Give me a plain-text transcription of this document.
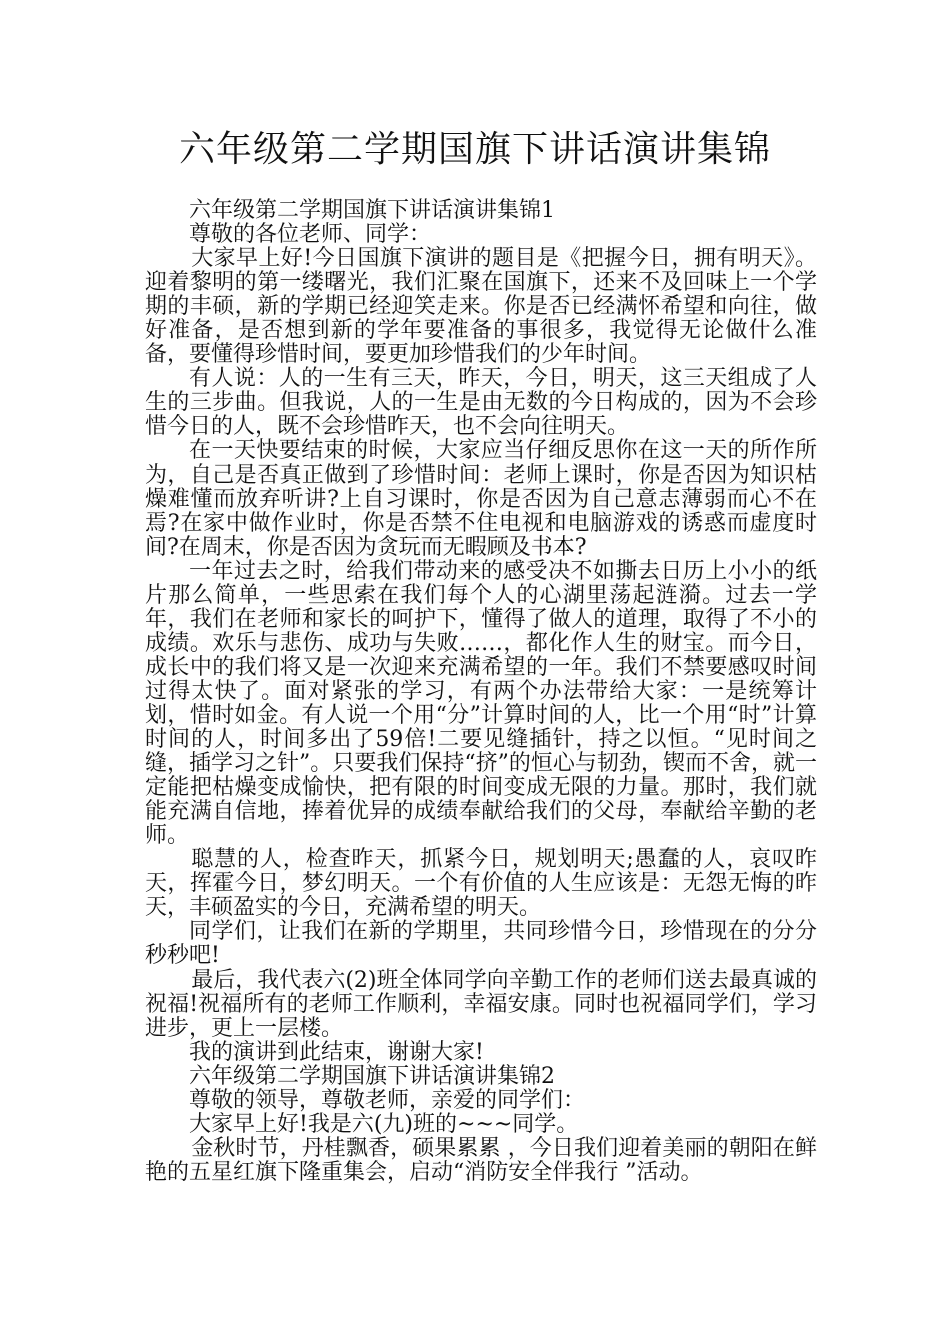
六年级第二学期国旗下讲话演讲集锦

六年级第二学期国旗下讲话演讲集锦1

尊敬的各位老师、同学：

大家早上好!今日国旗下演讲的题目是《把握今日，拥有明天》。迎着黎明的第一缕曙光，我们汇聚在国旗下，还来不及回味上一个学期的丰硕，新的学期已经迎笑走来。你是否已经满怀希望和向往，做好准备，是否想到新的学年要准备的事很多，我觉得无论做什么准备，要懂得珍惜时间，要更加珍惜我们的少年时间。

有人说：人的一生有三天，昨天，今日，明天，这三天组成了人生的三步曲。但我说，人的一生是由无数的今日构成的，因为不会珍惜今日的人，既不会珍惜昨天，也不会向往明天。

在一天快要结束的时候，大家应当仔细反思你在这一天的所作所为，自己是否真正做到了珍惜时间：老师上课时，你是否因为知识枯燥难懂而放弃听讲?上自习课时，你是否因为自己意志薄弱而心不在焉?在家中做作业时，你是否禁不住电视和电脑游戏的诱惑而虚度时间?在周末，你是否因为贪玩而无暇顾及书本?

一年过去之时，给我们带动来的感受决不如撕去日历上小小的纸片那么简单，一些思索在我们每个人的心湖里荡起涟漪。过去一学年，我们在老师和家长的呵护下，懂得了做人的道理，取得了不小的成绩。欢乐与悲伤、成功与失败……，都化作人生的财宝。而今日，成长中的我们将又是一次迎来充满希望的一年。我们不禁要感叹时间过得太快了。面对紧张的学习，有两个办法带给大家：一是统筹计划，惜时如金。有人说一个用“分”计算时间的人，比一个用“时”计算时间的人，时间多出了59倍!二要见缝插针，持之以恒。“见时间之缝，插学习之针”。只要我们保持“挤”的恒心与韧劲，锲而不舍，就一定能把枯燥变成愉快，把有限的时间变成无限的力量。那时，我们就能充满自信地，捧着优异的成绩奉献给我们的父母，奉献给辛勤的老师。

聪慧的人，检查昨天，抓紧今日，规划明天;愚蠢的人，哀叹昨天，挥霍今日，梦幻明天。一个有价值的人生应该是：无怨无悔的昨天，丰硕盈实的今日，充满希望的明天。

同学们，让我们在新的学期里，共同珍惜今日，珍惜现在的分分秒秒吧!

最后，我代表六(2)班全体同学向辛勤工作的老师们送去最真诚的祝福!祝福所有的老师工作顺利，幸福安康。同时也祝福同学们，学习进步，更上一层楼。

我的演讲到此结束，谢谢大家!

六年级第二学期国旗下讲话演讲集锦2

尊敬的领导，尊敬老师，亲爱的同学们：

大家早上好!我是六(九)班的~~~同学。

金秋时节，丹桂飘香，硕果累累 ，今日我们迎着美丽的朝阳在鲜艳的五星红旗下隆重集会，启动“消防安全伴我行 ”活动。
